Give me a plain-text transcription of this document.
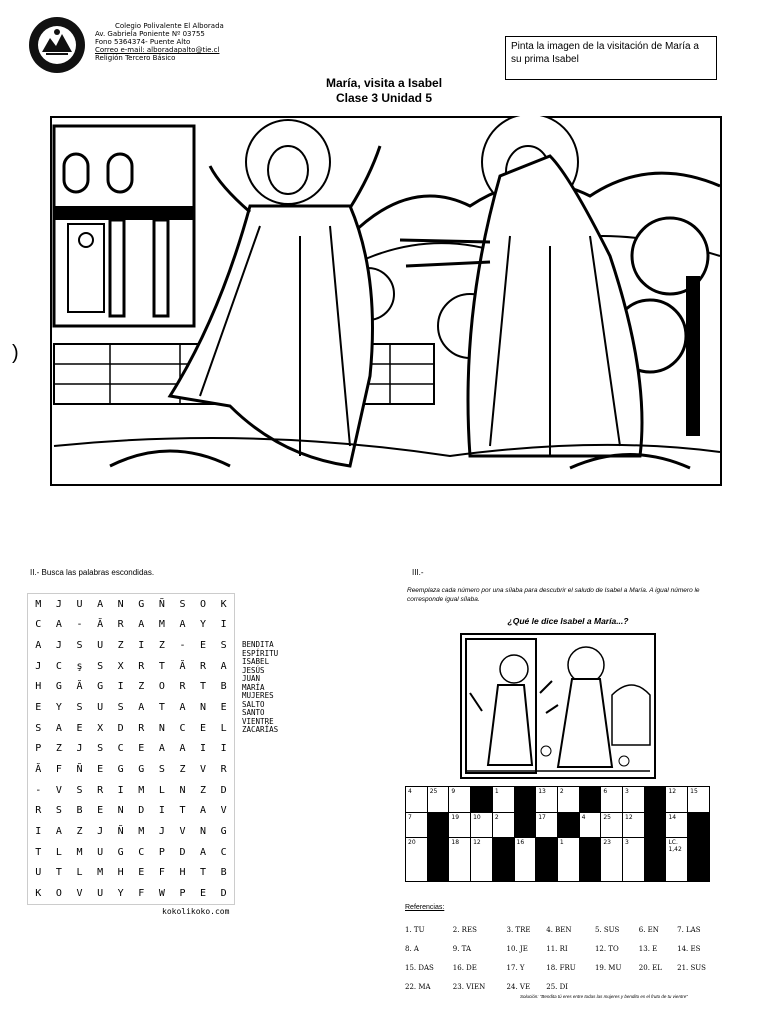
Colegio Polivalente El Alborada
Av. Gabriela Poniente Nº 03755
Fono 5364374- Puente Alto
Correo e-mail: alboradapalto@tie.cl
Religión Tercero Básico
Pinta la imagen de la visitación de María a su prima Isabel
María, visita a Isabel
Clase 3 Unidad 5
)
II.- Busca las palabras escondidas.
M	J	U	A	N	G	Ñ	S	O	K
C	A	-	Ă	R	A	M	A	Y	I
A	J	S	U	Z	I	Z	-	E	S
J	C	ş	S	X	R	T	Ă	R	A
H	G	Ă	G	I	Z	O	R	T	B
E	Y	S	U	S	A	T	A	N	E
S	A	E	X	D	R	N	C	E	L
P	Z	J	S	C	E	A	A	I	I
Ă	F	Ñ	E	G	G	S	Z	V	R
-	V	S	R	I	M	L	N	Z	D
R	S	B	E	N	D	I	T	A	V
I	A	Z	J	Ñ	M	J	V	N	G
T	L	M	U	G	C	P	D	A	C
U	T	L	M	H	E	F	H	T	B
K	O	V	U	Y	F	W	P	E	D
BENDITA
ESPÍRITU
ISABEL
JESÚS
JUAN
MARÍA
MUJERES
SALTO
SANTO
VIENTRE
ZACARÍAS
kokolikoko.com
III.-
Reemplaza cada número por una sílaba para descubrir el saludo de Isabel a María. A igual número le corresponde igual sílaba.
¿Qué le dice Isabel a María...?
4	25	9		1		13	2		6	3		12	15
7		19	10	2		17		4	25	12		14	
20		18	12		16		1		23	3		LC. 1,42	
Referencias:
1. TU	2. RES	3. TRE	4. BEN	5. SUS	6. EN	7. LAS
8. A	9. TA	10. JE	11. RI	12. TO	13. E	14. ES
15. DAS	16. DE	17. Y	18. FRU	19. MU	20. EL	21. SUS
22. MA	23. VIEN	24. VE	25. DI			
Solución: "Bendita tú eres entre todas las mujeres y bendito es el fruto de tu vientre"
